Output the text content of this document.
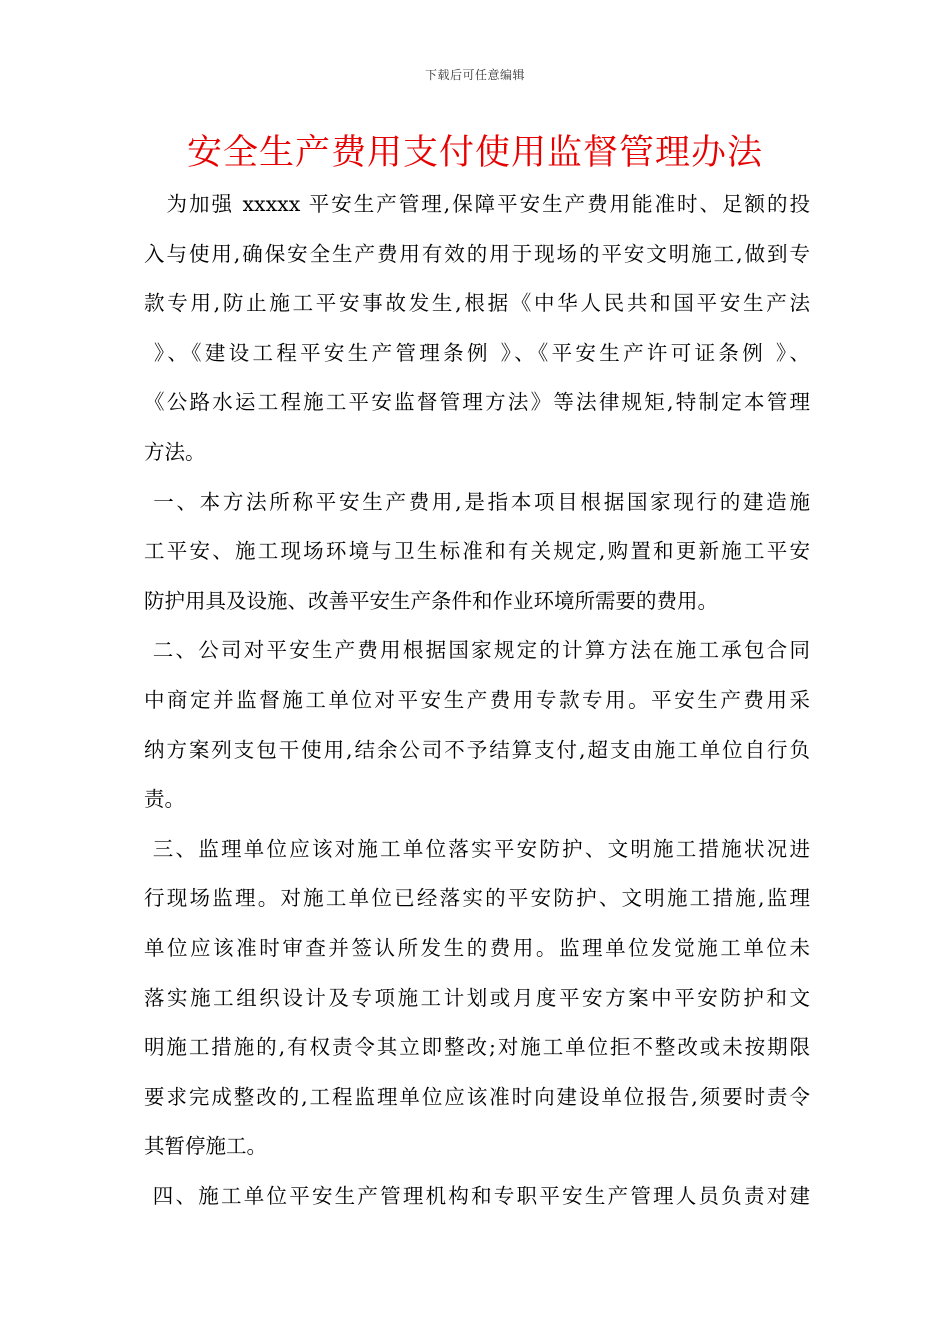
下载后可任意编辑
安全生产费用支付使用监督管理办法
　为加强 xxxxx 平安生产管理,保障平安生产费用能准时、足额的投
入与使用,确保安全生产费用有效的用于现场的平安文明施工,做到专
款专用,防止施工平安事故发生,根据《中华人民共和国平安生产法
》、《建设工程平安生产管理条例 》、《平安生产许可证条例 》、
《公路水运工程施工平安监督管理方法》等法律规矩,特制定本管理
方法。
一、本方法所称平安生产费用,是指本项目根据国家现行的建造施
工平安、施工现场环境与卫生标准和有关规定,购置和更新施工平安
防护用具及设施、改善平安生产条件和作业环境所需要的费用。
二、公司对平安生产费用根据国家规定的计算方法在施工承包合同
中商定并监督施工单位对平安生产费用专款专用。平安生产费用采
纳方案列支包干使用,结余公司不予结算支付,超支由施工单位自行负
责。
三、监理单位应该对施工单位落实平安防护、文明施工措施状况进
行现场监理。对施工单位已经落实的平安防护、文明施工措施,监理
单位应该准时审查并签认所发生的费用。监理单位发觉施工单位未
落实施工组织设计及专项施工计划或月度平安方案中平安防护和文
明施工措施的,有权责令其立即整改;对施工单位拒不整改或未按期限
要求完成整改的,工程监理单位应该准时向建设单位报告,须要时责令
其暂停施工。
四、施工单位平安生产管理机构和专职平安生产管理人员负责对建
